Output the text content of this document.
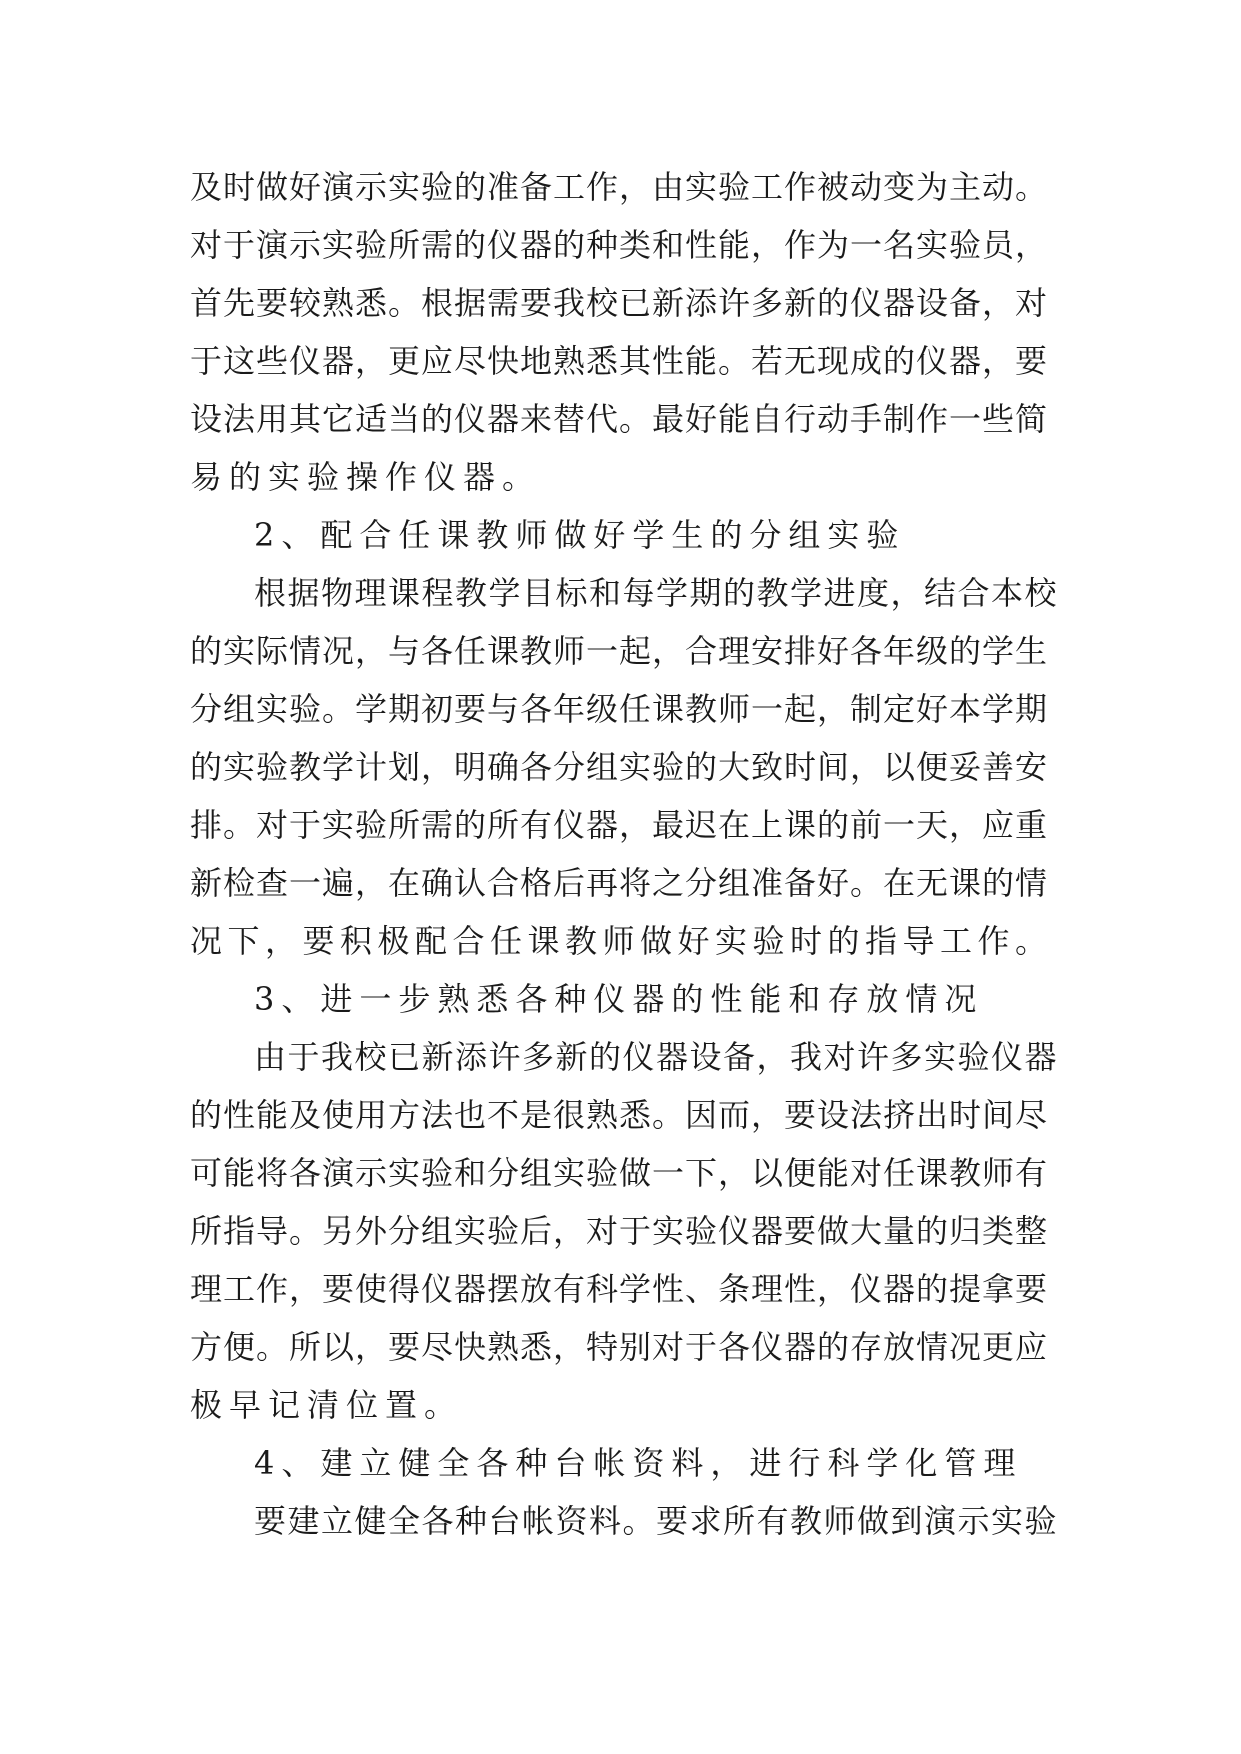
及时做好演示实验的准备工作，由实验工作被动变为主动。
对于演示实验所需的仪器的种类和性能，作为一名实验员，
首先要较熟悉。根据需要我校已新添许多新的仪器设备，对
于这些仪器，更应尽快地熟悉其性能。若无现成的仪器，要
设法用其它适当的仪器来替代。最好能自行动手制作一些简
易的实验操作仪器。
2、配合任课教师做好学生的分组实验
根据物理课程教学目标和每学期的教学进度，结合本校
的实际情况，与各任课教师一起，合理安排好各年级的学生
分组实验。学期初要与各年级任课教师一起，制定好本学期
的实验教学计划，明确各分组实验的大致时间，以便妥善安
排。对于实验所需的所有仪器，最迟在上课的前一天，应重
新检查一遍，在确认合格后再将之分组准备好。在无课的情
况下，要积极配合任课教师做好实验时的指导工作。
3、进一步熟悉各种仪器的性能和存放情况
由于我校已新添许多新的仪器设备，我对许多实验仪器
的性能及使用方法也不是很熟悉。因而，要设法挤出时间尽
可能将各演示实验和分组实验做一下，以便能对任课教师有
所指导。另外分组实验后，对于实验仪器要做大量的归类整
理工作，要使得仪器摆放有科学性、条理性，仪器的提拿要
方便。所以，要尽快熟悉，特别对于各仪器的存放情况更应
极早记清位置。
4、建立健全各种台帐资料，进行科学化管理
要建立健全各种台帐资料。要求所有教师做到演示实验
